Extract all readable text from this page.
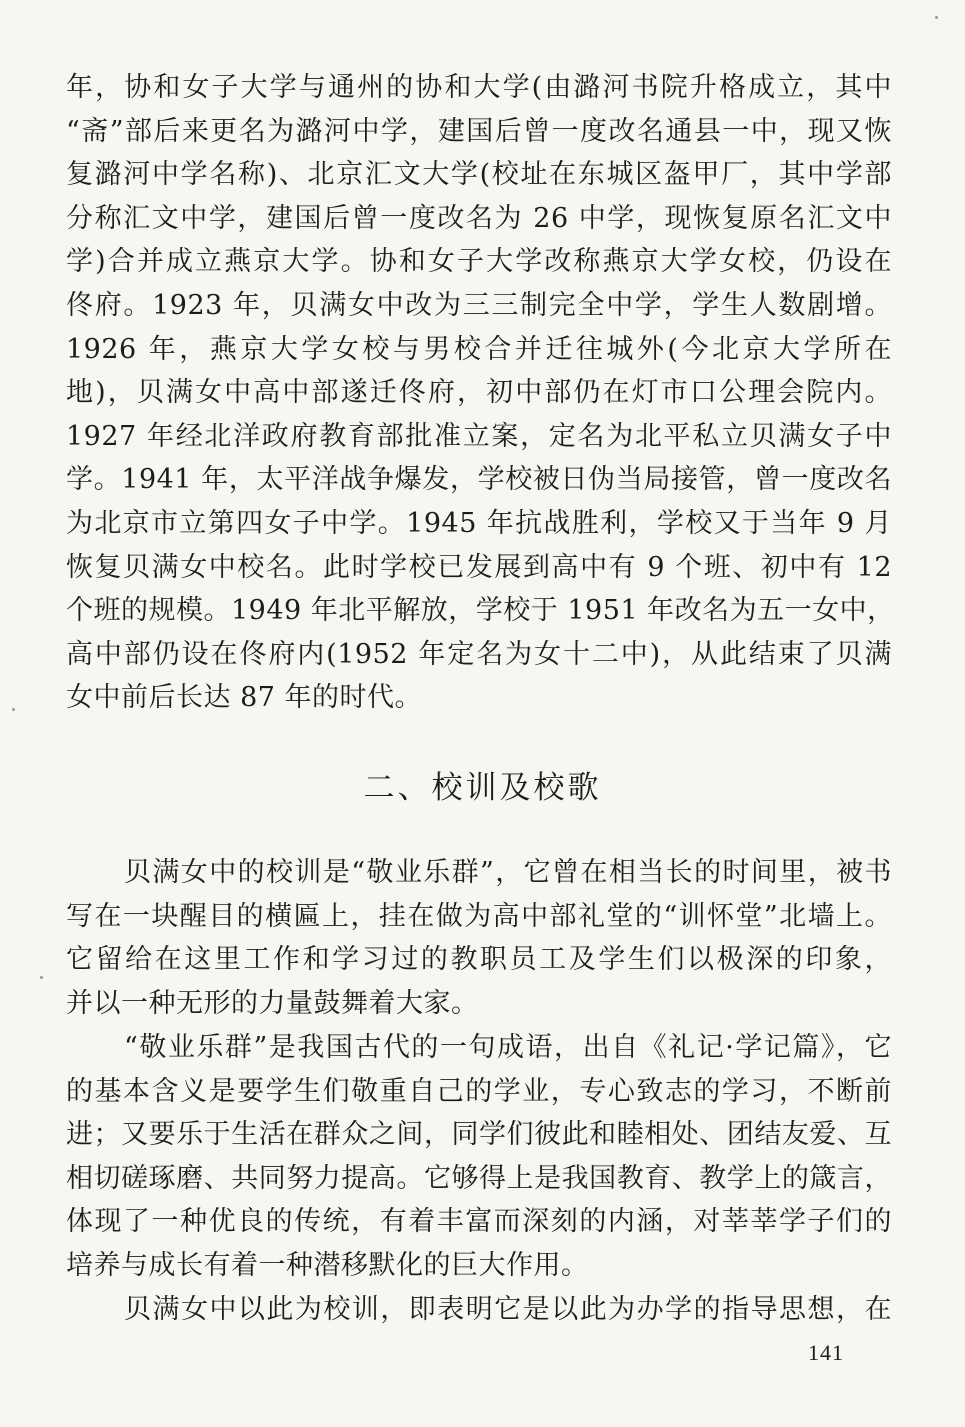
年，协和女子大学与通州的协和大学(由潞河书院升格成立，其中
“斋”部后来更名为潞河中学，建国后曾一度改名通县一中，现又恢
复潞河中学名称)、北京汇文大学(校址在东城区盔甲厂，其中学部
分称汇文中学，建国后曾一度改名为 26 中学，现恢复原名汇文中
学)合并成立燕京大学。协和女子大学改称燕京大学女校，仍设在
佟府。1923 年，贝满女中改为三三制完全中学，学生人数剧增。
1926 年，燕京大学女校与男校合并迁往城外(今北京大学所在
地)，贝满女中高中部遂迁佟府，初中部仍在灯市口公理会院内。
1927 年经北洋政府教育部批准立案，定名为北平私立贝满女子中
学。1941 年，太平洋战争爆发，学校被日伪当局接管，曾一度改名
为北京市立第四女子中学。1945 年抗战胜利，学校又于当年 9 月
恢复贝满女中校名。此时学校已发展到高中有 9 个班、初中有 12
个班的规模。1949 年北平解放，学校于 1951 年改名为五一女中，
高中部仍设在佟府内(1952 年定名为女十二中)，从此结束了贝满
女中前后长达 87 年的时代。
二、校训及校歌
贝满女中的校训是“敬业乐群”，它曾在相当长的时间里，被书
写在一块醒目的横匾上，挂在做为高中部礼堂的“训怀堂”北墙上。
它留给在这里工作和学习过的教职员工及学生们以极深的印象，
并以一种无形的力量鼓舞着大家。
“敬业乐群”是我国古代的一句成语，出自《礼记·学记篇》，它
的基本含义是要学生们敬重自己的学业，专心致志的学习，不断前
进；又要乐于生活在群众之间，同学们彼此和睦相处、团结友爱、互
相切磋琢磨、共同努力提高。它够得上是我国教育、教学上的箴言，
体现了一种优良的传统，有着丰富而深刻的内涵，对莘莘学子们的
培养与成长有着一种潜移默化的巨大作用。
贝满女中以此为校训，即表明它是以此为办学的指导思想，在
141
